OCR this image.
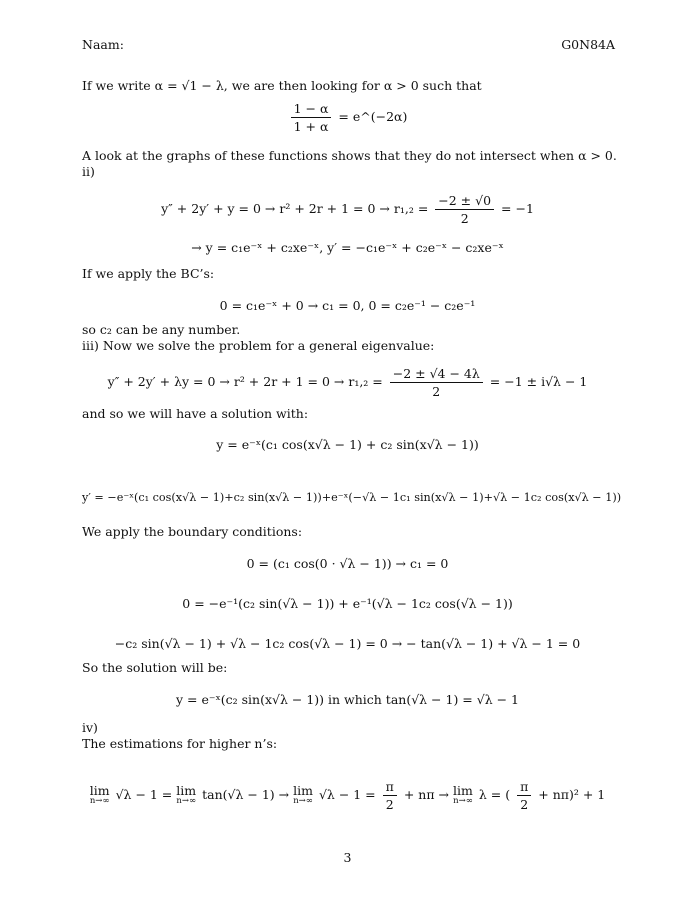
Naam:	G0N84A
If we write α = √1 − λ, we are then looking for α > 0 such that
$\frac{1 - \alpha}{1 + \alpha}$ = e^(−2α)
A look at the graphs of these functions shows that they do not intersect when α > 0.
ii)
$y'' + 2y' + y = 0 \to r^2 + 2r + 1 = 0 \to r_1,_2 = \frac{-2 \pm √0}{2} = -1$
→ y = c₁e⁻ˣ + c₂xe⁻ˣ, y′ = −c₁e⁻ˣ + c₂e⁻ˣ − c₂xe⁻ˣ
If we apply the BC’s:
0 = c₁e⁻ˣ + 0 → c₁ = 0, 0 = c₂e⁻¹ − c₂e⁻¹
so c₂ can be any number.
iii) Now we solve the problem for a general eigenvalue:
$y'' + 2y' + \lambda y = 0 \to r^2 + 2r + 1 = 0 \to r_1,_2 = \frac{-2 \pm √4 - 4\lambda}{2} = -1 \pm i√\lambda - 1$
and so we will have a solution with:
y = e⁻ˣ(c₁ cos(x√λ − 1) + c₂ sin(x√λ − 1))
y′ = −e⁻ˣ(c₁ cos(x√λ − 1)+c₂ sin(x√λ − 1))+e⁻ˣ(−√λ − 1c₁ sin(x√λ − 1)+√λ − 1c₂ cos(x√λ − 1))
We apply the boundary conditions:
0 = (c₁ cos(0 · √λ − 1)) → c₁ = 0
0 = −e⁻¹(c₂ sin(√λ − 1)) + e⁻¹(√λ − 1c₂ cos(√λ − 1))
−c₂ sin(√λ − 1) + √λ − 1c₂ cos(√λ − 1) = 0 → − tan(√λ − 1) + √λ − 1 = 0
So the solution will be:
y = e⁻ˣ(c₂ sin(x√λ − 1)) in which tan(√λ − 1) = √λ − 1
iv)
The estimations for higher n’s:
lim
n→∞ √λ − 1 = lim
n→∞ tan(√λ − 1) → lim
n→∞ $√\lambda - 1 = \frac{\pi}{2} + n\pi \to \lim$
n→∞ λ = ( $\frac{\pi}{2} + n\pi)^2 + 1$
3
